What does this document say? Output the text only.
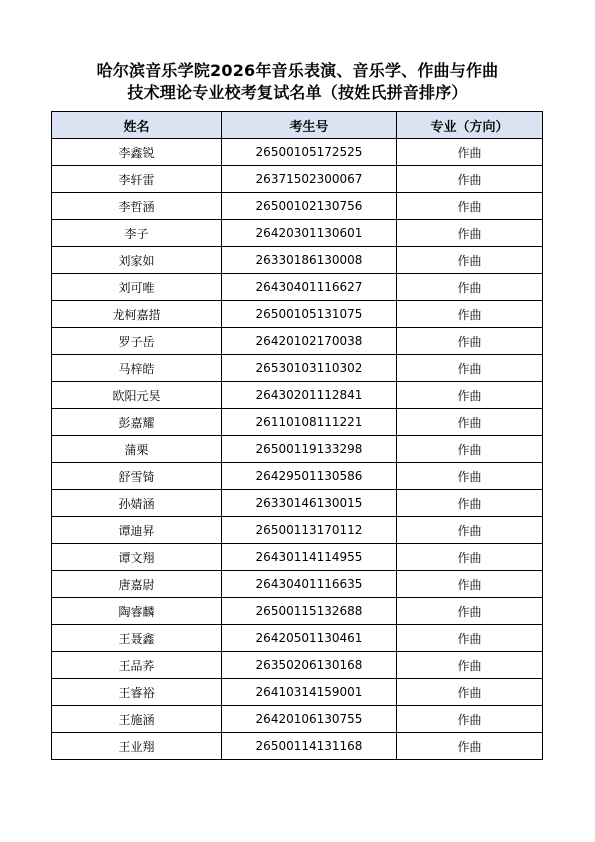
哈尔滨音乐学院2026年音乐表演、音乐学、作曲与作曲
技术理论专业校考复试名单（按姓氏拼音排序）
姓名	考生号	专业（方向）
李鑫锐	26500105172525	作曲
李轩雷	26371502300067	作曲
李哲涵	26500102130756	作曲
李子	26420301130601	作曲
刘家如	26330186130008	作曲
刘可唯	26430401116627	作曲
龙柯嘉措	26500105131075	作曲
罗子岳	26420102170038	作曲
马梓皓	26530103110302	作曲
欧阳元昊	26430201112841	作曲
彭嘉耀	26110108111221	作曲
蒲栗	26500119133298	作曲
舒雪锜	26429501130586	作曲
孙婧涵	26330146130015	作曲
谭迪昇	26500113170112	作曲
谭文翔	26430114114955	作曲
唐嘉尉	26430401116635	作曲
陶睿麟	26500115132688	作曲
王聂鑫	26420501130461	作曲
王品荞	26350206130168	作曲
王睿裕	26410314159001	作曲
王施涵	26420106130755	作曲
王业翔	26500114131168	作曲
